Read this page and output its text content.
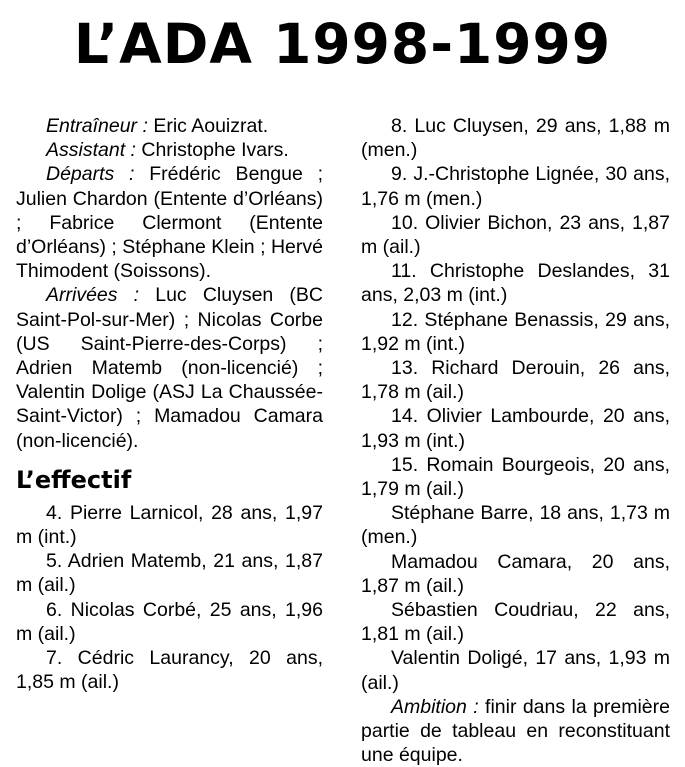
L’ADA 1998-1999

Entraîneur : Eric Aouizrat.

Assistant : Christophe Ivars.

Départs : Frédéric Bengue ; Julien Chardon (Entente d’Orléans) ; Fabrice Clermont (Entente d’Orléans) ; Stéphane Klein ; Hervé Thimodent (Soissons).

Arrivées : Luc Cluysen (BC Saint-Pol-sur-Mer) ; Nicolas Corbe (US Saint-Pierre-des-Corps) ; Adrien Matemb (non-licencié) ; Valentin Dolige (ASJ La Chaussée-Saint-Victor) ; Mamadou Camara (non-licencié).

L’effectif

4. Pierre Larnicol, 28 ans, 1,97 m (int.)

5. Adrien Matemb, 21 ans, 1,87 m (ail.)

6. Nicolas Corbé, 25 ans, 1,96 m (ail.)

7. Cédric Laurancy, 20 ans, 1,85 m (ail.)

8. Luc Cluysen, 29 ans, 1,88 m (men.)

9. J.-Christophe Lignée, 30 ans, 1,76 m (men.)

10. Olivier Bichon, 23 ans, 1,87 m (ail.)

11. Christophe Deslandes, 31 ans, 2,03 m (int.)

12. Stéphane Benassis, 29 ans, 1,92 m (int.)

13. Richard Derouin, 26 ans, 1,78 m (ail.)

14. Olivier Lambourde, 20 ans, 1,93 m (int.)

15. Romain Bourgeois, 20 ans, 1,79 m (ail.)

Stéphane Barre, 18 ans, 1,73 m (men.)

Mamadou Camara, 20 ans, 1,87 m (ail.)

Sébastien Coudriau, 22 ans, 1,81 m (ail.)

Valentin Doligé, 17 ans, 1,93 m (ail.)

Ambition : finir dans la première partie de tableau en reconstituant une équipe.
